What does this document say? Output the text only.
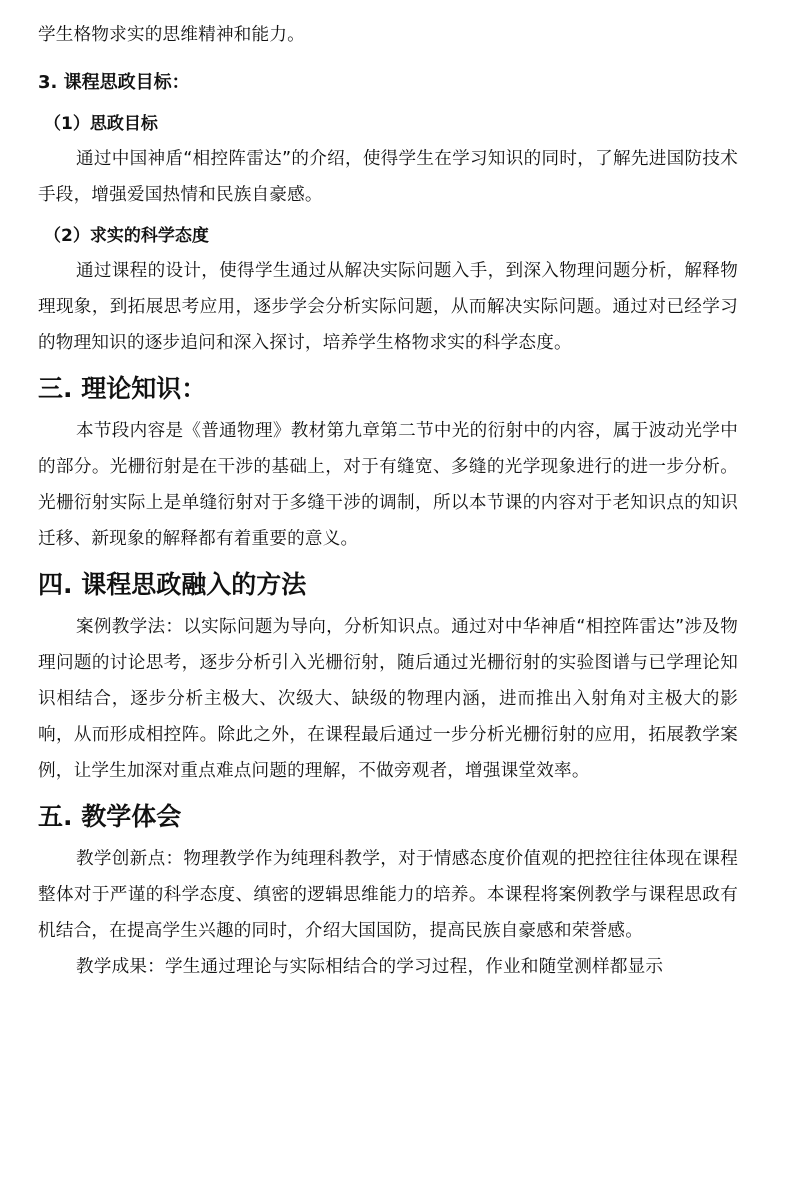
学生格物求实的思维精神和能力。

3. 课程思政目标：
（1）思政目标

通过中国神盾“相控阵雷达”的介绍，使得学生在学习知识的同时，了解先进国防技术手段，增强爱国热情和民族自豪感。

（2）求实的科学态度

通过课程的设计，使得学生通过从解决实际问题入手，到深入物理问题分析，解释物理现象，到拓展思考应用，逐步学会分析实际问题，从而解决实际问题。通过对已经学习的物理知识的逐步追问和深入探讨，培养学生格物求实的科学态度。

三. 理论知识：

本节段内容是《普通物理》教材第九章第二节中光的衍射中的内容，属于波动光学中的部分。光栅衍射是在干涉的基础上，对于有缝宽、多缝的光学现象进行的进一步分析。光栅衍射实际上是单缝衍射对于多缝干涉的调制，所以本节课的内容对于老知识点的知识迁移、新现象的解释都有着重要的意义。

四. 课程思政融入的方法

案例教学法：以实际问题为导向，分析知识点。通过对中华神盾“相控阵雷达”涉及物理问题的讨论思考，逐步分析引入光栅衍射，随后通过光栅衍射的实验图谱与已学理论知识相结合，逐步分析主极大、次级大、缺级的物理内涵，进而推出入射角对主极大的影响，从而形成相控阵。除此之外，在课程最后通过一步分析光栅衍射的应用，拓展教学案例，让学生加深对重点难点问题的理解，不做旁观者，增强课堂效率。

五. 教学体会

教学创新点：物理教学作为纯理科教学，对于情感态度价值观的把控往往体现在课程整体对于严谨的科学态度、缜密的逻辑思维能力的培养。本课程将案例教学与课程思政有机结合，在提高学生兴趣的同时，介绍大国国防，提高民族自豪感和荣誉感。

教学成果：学生通过理论与实际相结合的学习过程，作业和随堂测样都显示
